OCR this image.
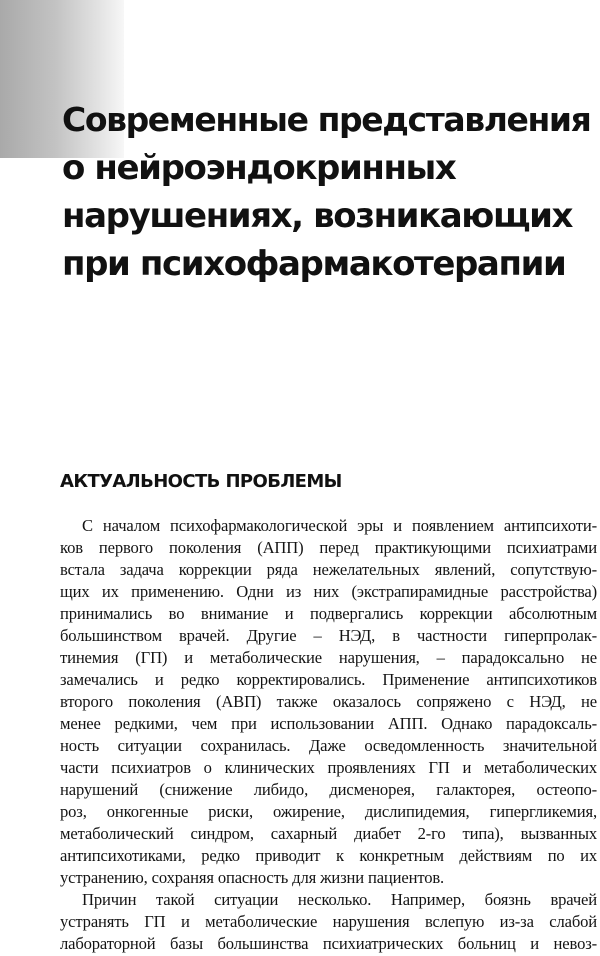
Современные представления
о нейроэндокринных
нарушениях, возникающих
при психофармакотерапии
АКТУАЛЬНОСТЬ ПРОБЛЕМЫ
С началом психофармакологической эры и появлением антипсихоти-
ков первого поколения (АПП) перед практикующими психиатрами
встала задача коррекции ряда нежелательных явлений, сопутствую-
щих их применению. Одни из них (экстрапирамидные расстройства)
принимались во внимание и подвергались коррекции абсолютным
большинством врачей. Другие – НЭД, в частности гиперпролак-
тинемия (ГП) и метаболические нарушения, – парадоксально не
замечались и редко корректировались. Применение антипсихотиков
второго поколения (АВП) также оказалось сопряжено с НЭД, не
менее редкими, чем при использовании АПП. Однако парадоксаль-
ность ситуации сохранилась. Даже осведомленность значительной
части психиатров о клинических проявлениях ГП и метаболических
нарушений (снижение либидо, дисменорея, галакторея, остеопо-
роз, онкогенные риски, ожирение, дислипидемия, гипергликемия,
метаболический синдром, сахарный диабет 2-го типа), вызванных
антипсихотиками, редко приводит к конкретным действиям по их
устранению, сохраняя опасность для жизни пациентов.
Причин такой ситуации несколько. Например, боязнь врачей
устранять ГП и метаболические нарушения вслепую из-за слабой
лабораторной базы большинства психиатрических больниц и невоз-
